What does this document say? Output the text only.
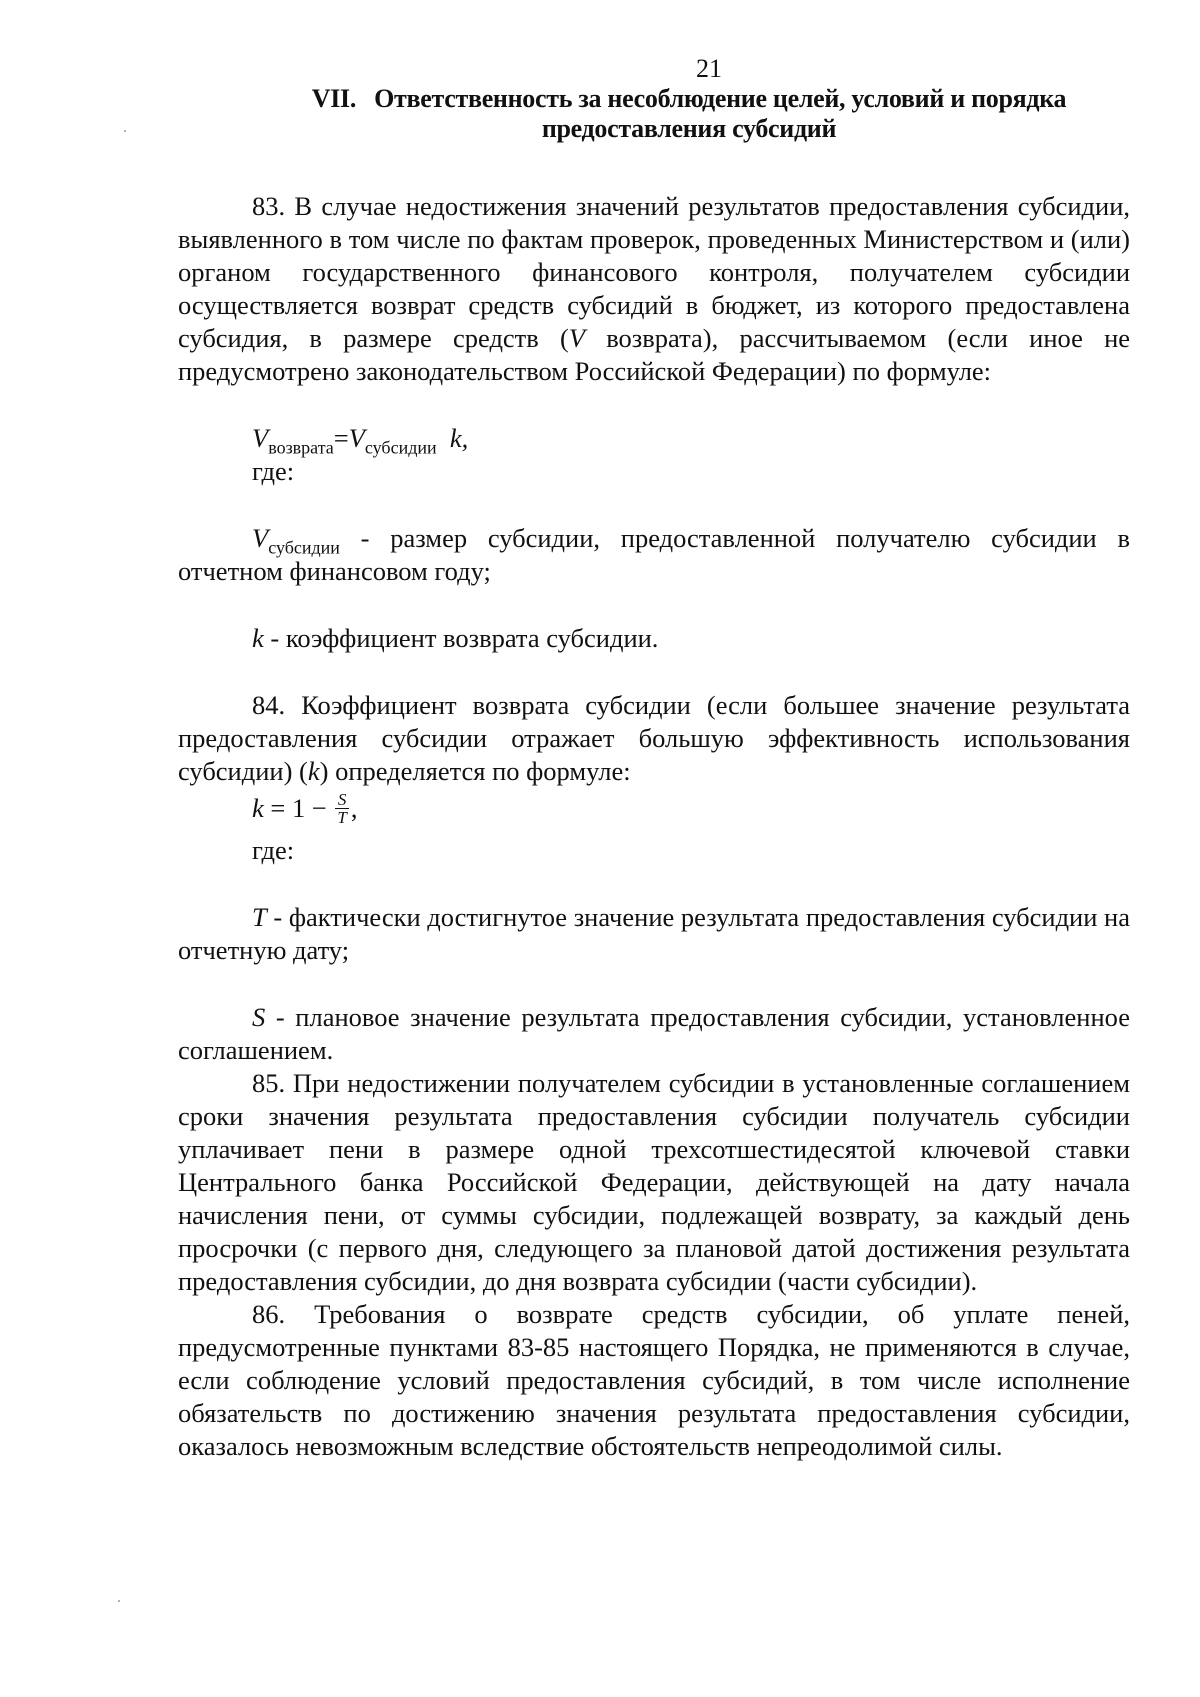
21
VII. Ответственность за несоблюдение целей, условий и порядка
предоставления субсидий

83. В случае недостижения значений результатов предоставления субсидии, выявленного в том числе по фактам проверок, проведенных Министерством и (или) органом государственного финансового контроля, получателем субсидии осуществляется возврат средств субсидий в бюджет, из которого предоставлена субсидия, в размере средств (V возврата), рассчитываемом (если иное не предусмотрено законодательством Российской Федерации) по формуле:

$V_{возврата}=V_{субсидии}$ k,
где:

$V_{субсидии}$ - размер субсидии, предоставленной получателю субсидии в отчетном финансовом году;

k - коэффициент возврата субсидии.

84. Коэффициент возврата субсидии (если большее значение результата предоставления субсидии отражает большую эффективность использования субсидии) (k) определяется по формуле:

$k = 1 - \frac{S}{T}$ ,
где:

T - фактически достигнутое значение результата предоставления субсидии на отчетную дату;

S - плановое значение результата предоставления субсидии, установленное соглашением.

85. При недостижении получателем субсидии в установленные соглашением сроки значения результата предоставления субсидии получатель субсидии уплачивает пени в размере одной трехсотшестидесятой ключевой ставки Центрального банка Российской Федерации, действующей на дату начала начисления пени, от суммы субсидии, подлежащей возврату, за каждый день просрочки (с первого дня, следующего за плановой датой достижения результата предоставления субсидии, до дня возврата субсидии (части субсидии).

86. Требования о возврате средств субсидии, об уплате пеней, предусмотренные пунктами 83-85 настоящего Порядка, не применяются в случае, если соблюдение условий предоставления субсидий, в том числе исполнение обязательств по достижению значения результата предоставления субсидии, оказалось невозможным вследствие обстоятельств непреодолимой силы.
